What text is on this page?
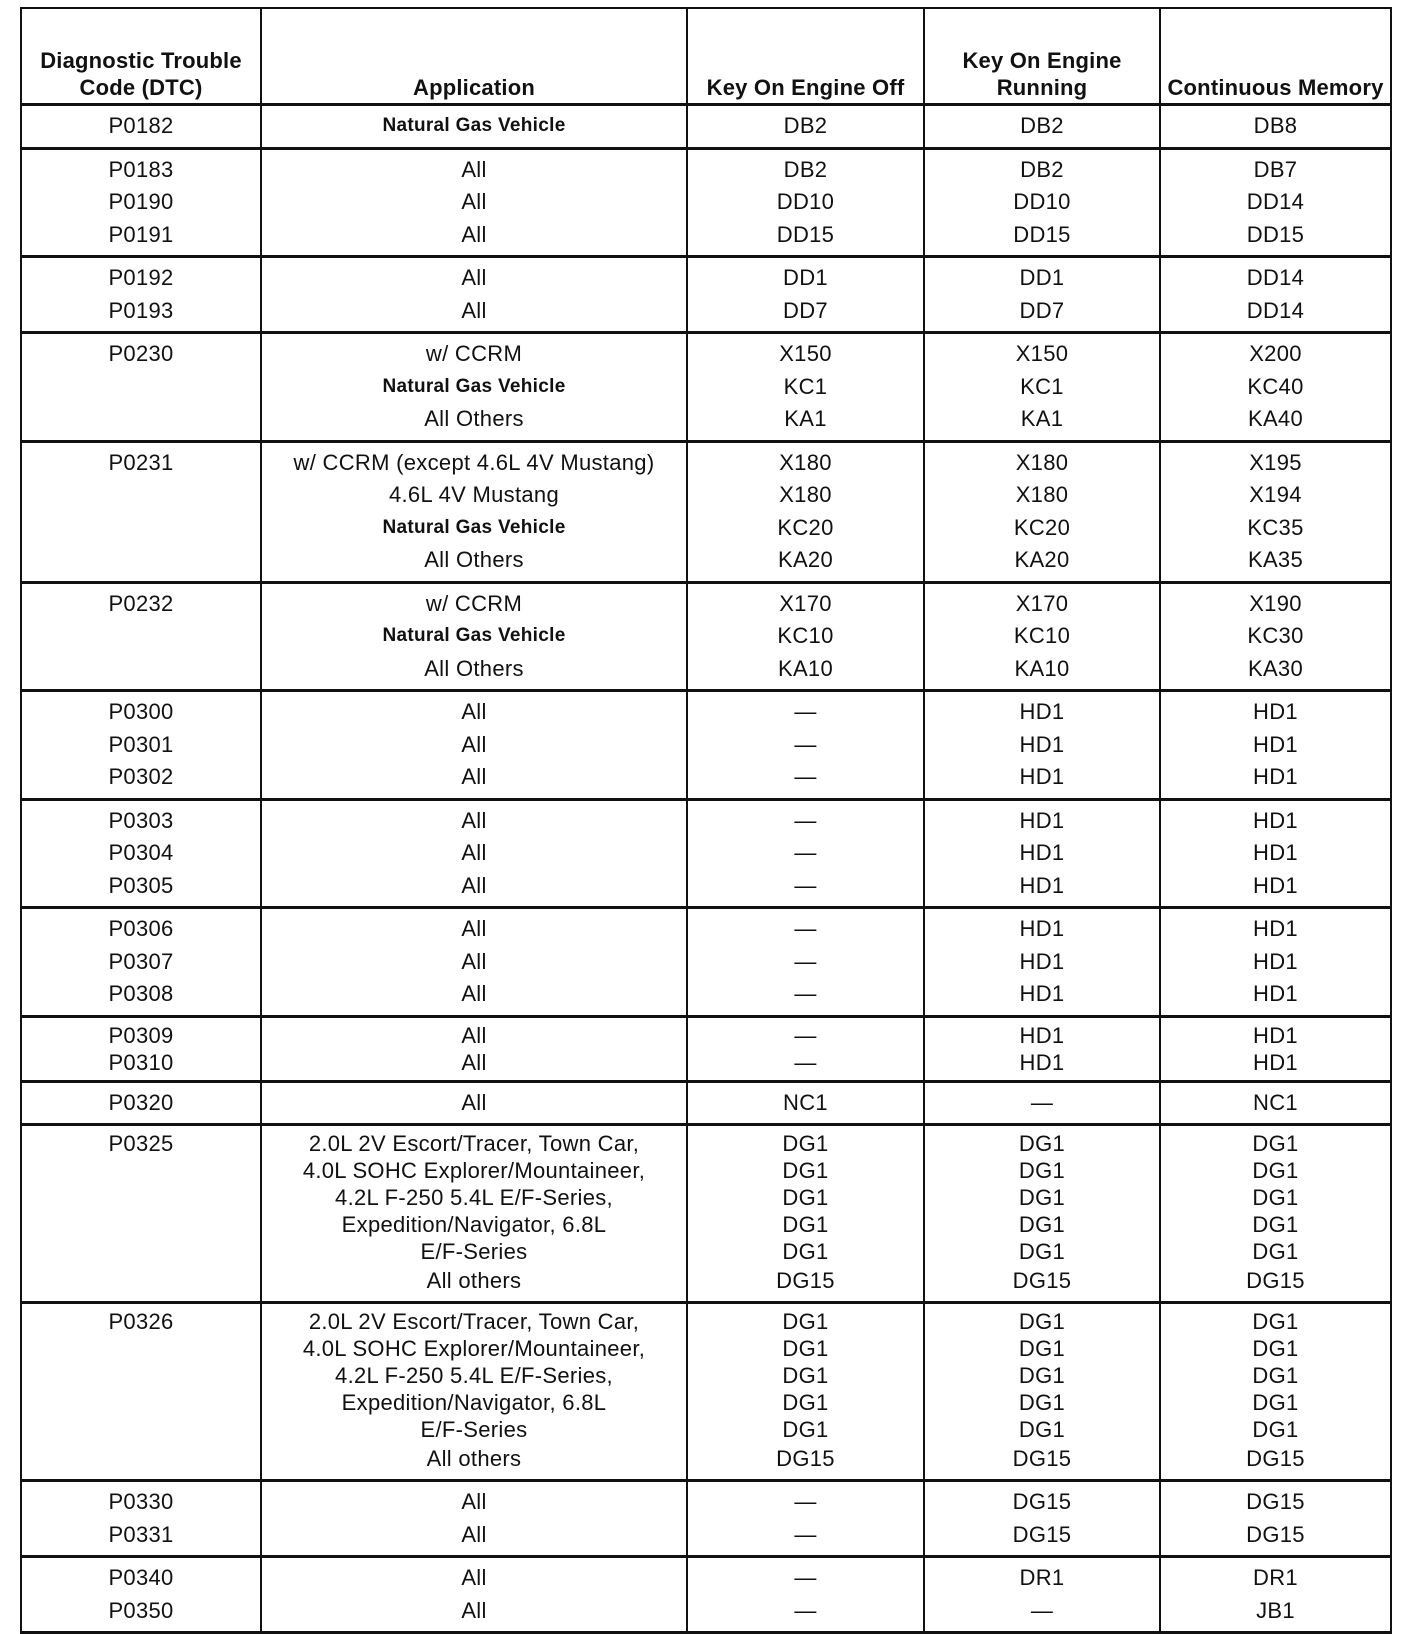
Diagnostic Trouble Code (DTC)	Application	Key On Engine Off	Key On Engine Running	Continuous Memory
P0182	Natural Gas Vehicle	DB2	DB2	DB8
P0183	All	DB2	DB2	DB7
P0190	All	DD10	DD10	DD14
P0191	All	DD15	DD15	DD15
P0192	All	DD1	DD1	DD14
P0193	All	DD7	DD7	DD14
P0230	w/ CCRM	X150	X150	X200
	Natural Gas Vehicle	KC1	KC1	KC40
	All Others	KA1	KA1	KA40
P0231	w/ CCRM (except 4.6L 4V Mustang)	X180	X180	X195
	4.6L 4V Mustang	X180	X180	X194
	Natural Gas Vehicle	KC20	KC20	KC35
	All Others	KA20	KA20	KA35
P0232	w/ CCRM	X170	X170	X190
	Natural Gas Vehicle	KC10	KC10	KC30
	All Others	KA10	KA10	KA30
P0300	All	—	HD1	HD1
P0301	All	—	HD1	HD1
P0302	All	—	HD1	HD1
P0303	All	—	HD1	HD1
P0304	All	—	HD1	HD1
P0305	All	—	HD1	HD1
P0306	All	—	HD1	HD1
P0307	All	—	HD1	HD1
P0308	All	—	HD1	HD1
P0309	All	—	HD1	HD1
P0310	All	—	HD1	HD1
P0320	All	NC1	—	NC1
P0325	2.0L 2V Escort/Tracer, Town Car,	DG1	DG1	DG1
	4.0L SOHC Explorer/Mountaineer,	DG1	DG1	DG1
	4.2L F-250 5.4L E/F-Series,	DG1	DG1	DG1
	Expedition/Navigator, 6.8L	DG1	DG1	DG1
	E/F-Series	DG1	DG1	DG1
	All others	DG15	DG15	DG15
P0326	2.0L 2V Escort/Tracer, Town Car,	DG1	DG1	DG1
	4.0L SOHC Explorer/Mountaineer,	DG1	DG1	DG1
	4.2L F-250 5.4L E/F-Series,	DG1	DG1	DG1
	Expedition/Navigator, 6.8L	DG1	DG1	DG1
	E/F-Series	DG1	DG1	DG1
	All others	DG15	DG15	DG15
P0330	All	—	DG15	DG15
P0331	All	—	DG15	DG15
P0340	All	—	DR1	DR1
P0350	All	—	—	JB1
